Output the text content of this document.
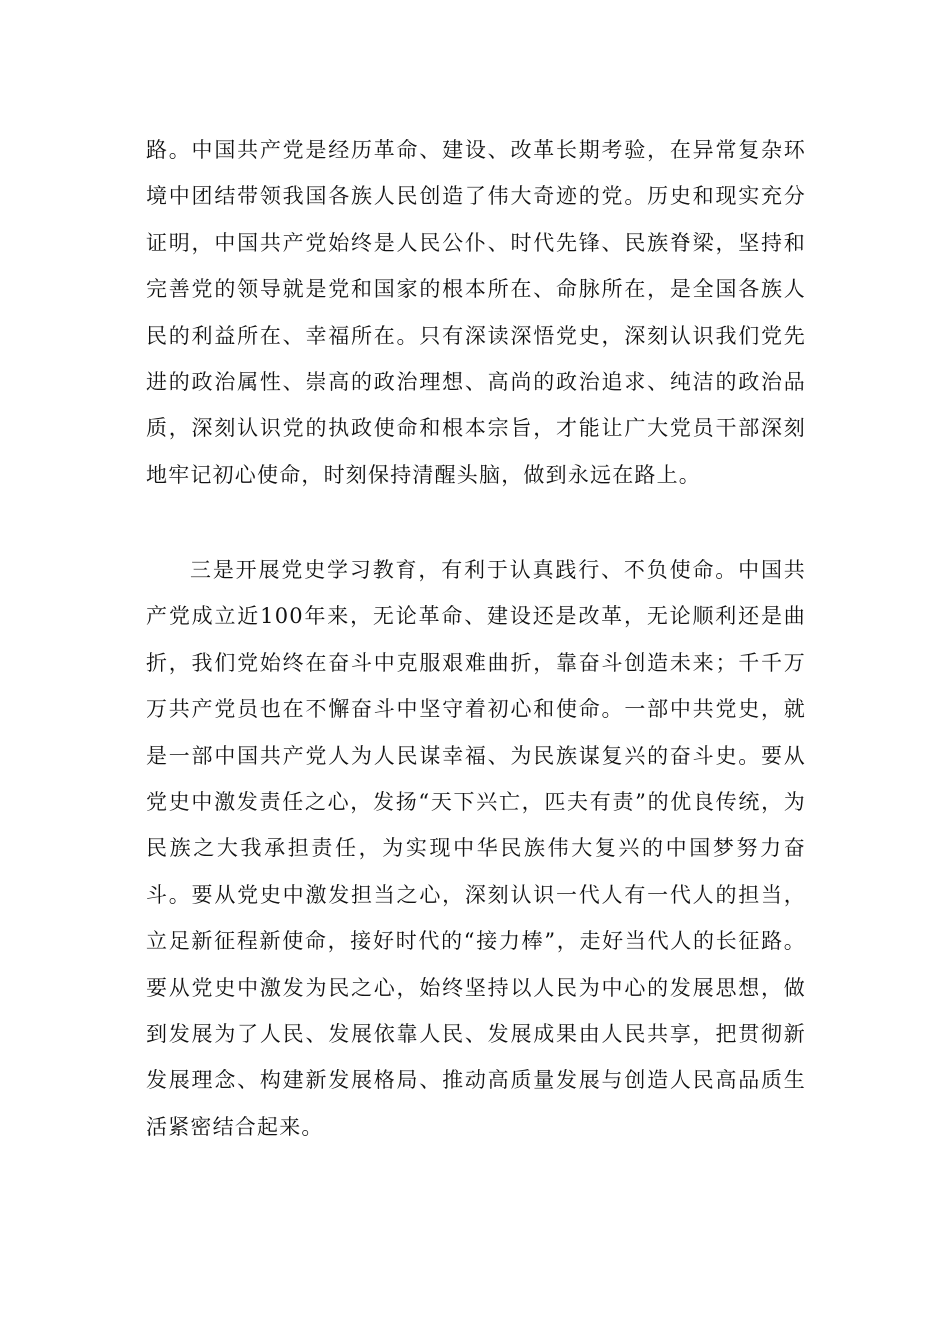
路。中国共产党是经历革命、建设、改革长期考验，在异常复杂环境中团结带领我国各族人民创造了伟大奇迹的党。历史和现实充分证明，中国共产党始终是人民公仆、时代先锋、民族脊梁，坚持和完善党的领导就是党和国家的根本所在、命脉所在，是全国各族人民的利益所在、幸福所在。只有深读深悟党史，深刻认识我们党先进的政治属性、崇高的政治理想、高尚的政治追求、纯洁的政治品质，深刻认识党的执政使命和根本宗旨，才能让广大党员干部深刻地牢记初心使命，时刻保持清醒头脑，做到永远在路上。

三是开展党史学习教育，有利于认真践行、不负使命。中国共产党成立近100年来，无论革命、建设还是改革，无论顺利还是曲折，我们党始终在奋斗中克服艰难曲折，靠奋斗创造未来；千千万万共产党员也在不懈奋斗中坚守着初心和使命。一部中共党史，就是一部中国共产党人为人民谋幸福、为民族谋复兴的奋斗史。要从党史中激发责任之心，发扬“天下兴亡，匹夫有责”的优良传统，为民族之大我承担责任，为实现中华民族伟大复兴的中国梦努力奋斗。要从党史中激发担当之心，深刻认识一代人有一代人的担当，立足新征程新使命，接好时代的“接力棒”，走好当代人的长征路。要从党史中激发为民之心，始终坚持以人民为中心的发展思想，做到发展为了人民、发展依靠人民、发展成果由人民共享，把贯彻新发展理念、构建新发展格局、推动高质量发展与创造人民高品质生活紧密结合起来。
